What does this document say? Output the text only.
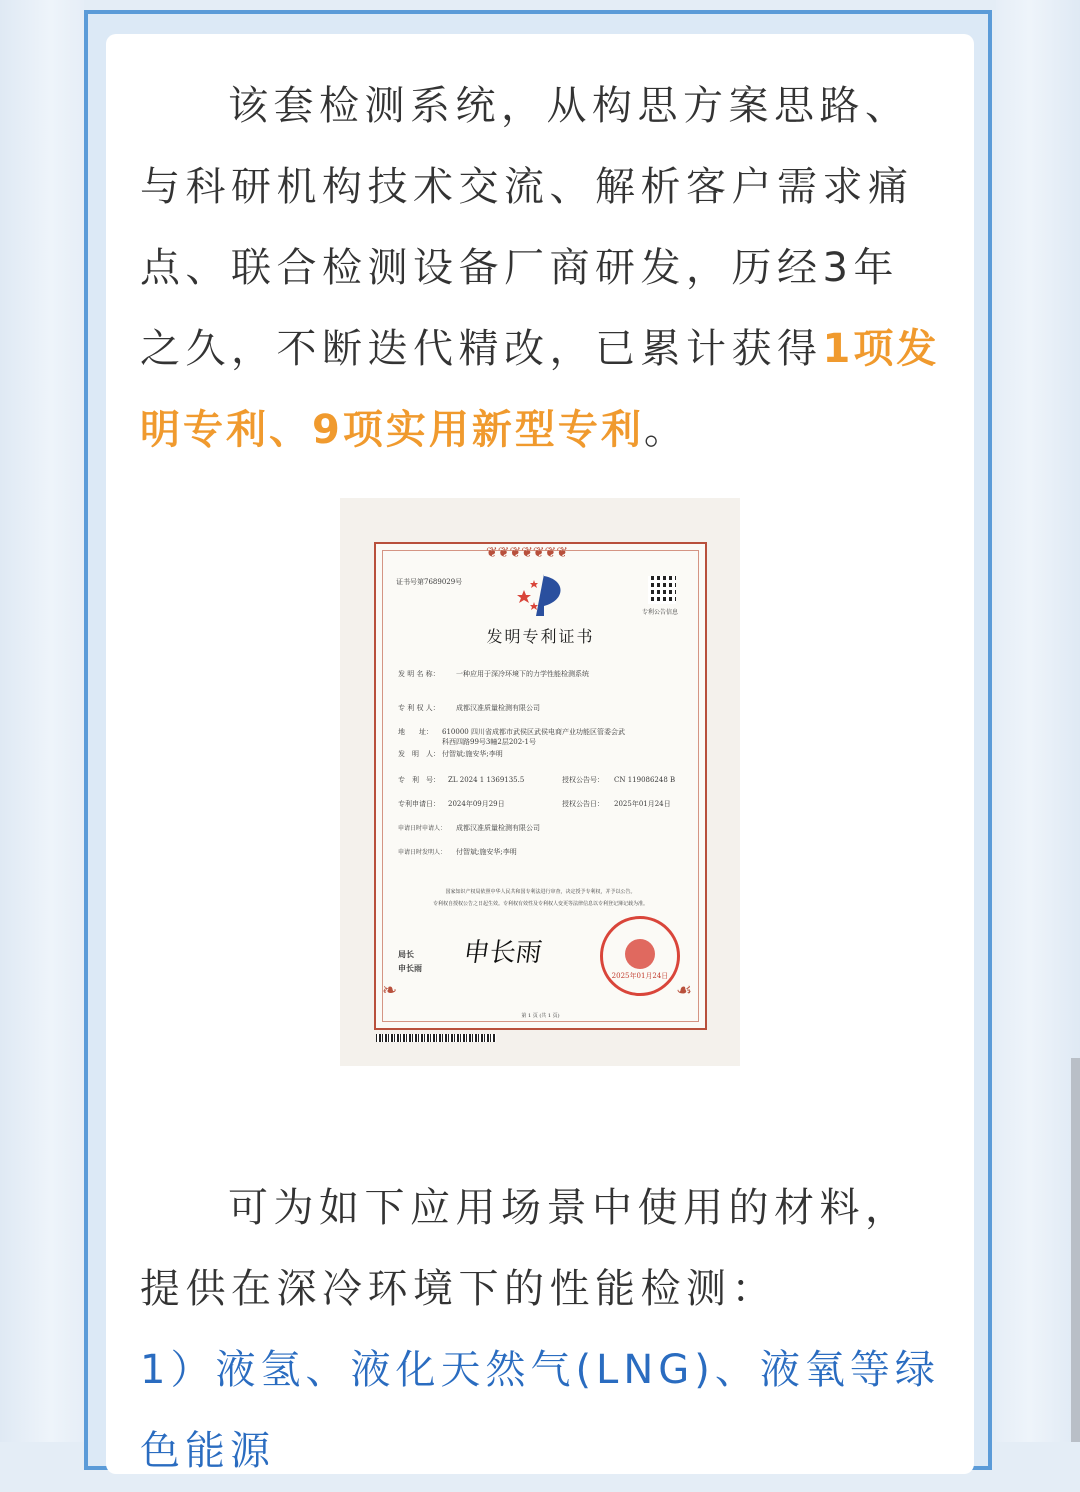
该套检测系统，从构思方案思路、与科研机构技术交流、解析客户需求痛点、联合检测设备厂商研发，历经3年之久，不断迭代精改，已累计获得1项发明专利、9项实用新型专利。

❦❦❦❦❦❦❦
❧	☙
证书号第7689029号
专利公告信息
发明专利证书
发 明 名 称： 一种应用于深冷环境下的力学性能检测系统
专 利 权 人： 成都汉准质量检测有限公司
地　　址： 610000 四川省成都市武侯区武侯电商产业功能区管委会武
科西四路99号3幢2层202-1号
发　明　人： 付智斌;施安华;李明
专　利　号： ZL 2024 1 1369135.5	授权公告号： CN 119086248 B
专利申请日： 2024年09月29日	授权公告日： 2025年01月24日
申请日时申请人： 成都汉准质量检测有限公司
申请日时发明人： 付智斌;施安华;李明
国家知识产权局依照中华人民共和国专利法进行审查，决定授予专利权，并予以公告。
专利权自授权公告之日起生效。专利权有效性及专利权人变更等法律信息以专利登记簿记载为准。
局长
申长雨 申长雨
2025年01月24日
第 1 页 (共 1 页)

可为如下应用场景中使用的材料，提供在深冷环境下的性能检测：

1）液氢、液化天然气(LNG)、液氧等绿色能源
